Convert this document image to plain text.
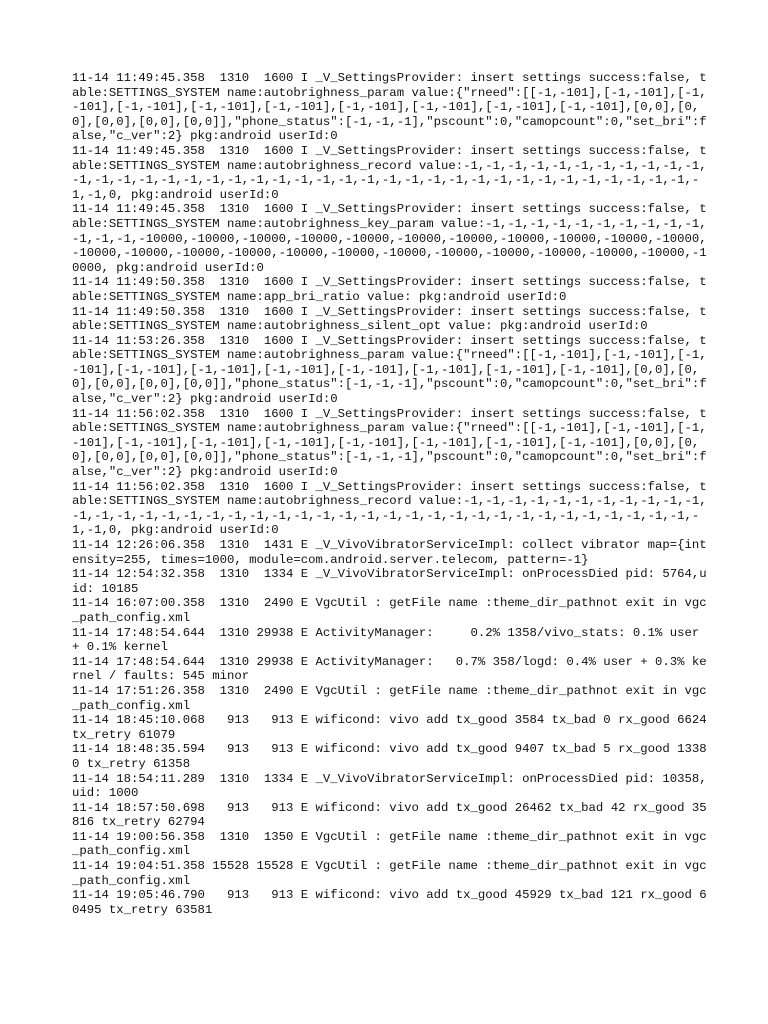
11-14 11:49:45.358  1310  1600 I _V_SettingsProvider: insert settings success:false, table:SETTINGS_SYSTEM name:autobrighness_param value:{"rneed":[[-1,-101],[-1,-101],[-1,-101],[-1,-101],[-1,-101],[-1,-101],[-1,-101],[-1,-101],[-1,-101],[-1,-101],[0,0],[0,0],[0,0],[0,0],[0,0]],"phone_status":[-1,-1,-1],"pscount":0,"camopcount":0,"set_bri":false,"c_ver":2} pkg:android userId:0

11-14 11:49:45.358  1310  1600 I _V_SettingsProvider: insert settings success:false, table:SETTINGS_SYSTEM name:autobrighness_record value:-1,-1,-1,-1,-1,-1,-1,-1,-1,-1,-1,-1,-1,-1,-1,-1,-1,-1,-1,-1,-1,-1,-1,-1,-1,-1,-1,-1,-1,-1,-1,-1,-1,-1,-1,-1,-1,-1,-1,-1,-1,0, pkg:android userId:0

11-14 11:49:45.358  1310  1600 I _V_SettingsProvider: insert settings success:false, table:SETTINGS_SYSTEM name:autobrighness_key_param value:-1,-1,-1,-1,-1,-1,-1,-1,-1,-1,-1,-1,-1,-10000,-10000,-10000,-10000,-10000,-10000,-10000,-10000,-10000,-10000,-10000,-10000,-10000,-10000,-10000,-10000,-10000,-10000,-10000,-10000,-10000,-10000,-10000,-10000, pkg:android userId:0

11-14 11:49:50.358  1310  1600 I _V_SettingsProvider: insert settings success:false, table:SETTINGS_SYSTEM name:app_bri_ratio value: pkg:android userId:0

11-14 11:49:50.358  1310  1600 I _V_SettingsProvider: insert settings success:false, table:SETTINGS_SYSTEM name:autobrighness_silent_opt value: pkg:android userId:0

11-14 11:53:26.358  1310  1600 I _V_SettingsProvider: insert settings success:false, table:SETTINGS_SYSTEM name:autobrighness_param value:{"rneed":[[-1,-101],[-1,-101],[-1,-101],[-1,-101],[-1,-101],[-1,-101],[-1,-101],[-1,-101],[-1,-101],[-1,-101],[0,0],[0,0],[0,0],[0,0],[0,0]],"phone_status":[-1,-1,-1],"pscount":0,"camopcount":0,"set_bri":false,"c_ver":2} pkg:android userId:0

11-14 11:56:02.358  1310  1600 I _V_SettingsProvider: insert settings success:false, table:SETTINGS_SYSTEM name:autobrighness_param value:{"rneed":[[-1,-101],[-1,-101],[-1,-101],[-1,-101],[-1,-101],[-1,-101],[-1,-101],[-1,-101],[-1,-101],[-1,-101],[0,0],[0,0],[0,0],[0,0],[0,0]],"phone_status":[-1,-1,-1],"pscount":0,"camopcount":0,"set_bri":false,"c_ver":2} pkg:android userId:0

11-14 11:56:02.358  1310  1600 I _V_SettingsProvider: insert settings success:false, table:SETTINGS_SYSTEM name:autobrighness_record value:-1,-1,-1,-1,-1,-1,-1,-1,-1,-1,-1,-1,-1,-1,-1,-1,-1,-1,-1,-1,-1,-1,-1,-1,-1,-1,-1,-1,-1,-1,-1,-1,-1,-1,-1,-1,-1,-1,-1,-1,-1,0, pkg:android userId:0

11-14 12:26:06.358  1310  1431 E _V_VivoVibratorServiceImpl: collect vibrator map={intensity=255, times=1000, module=com.android.server.telecom, pattern=-1}

11-14 12:54:32.358  1310  1334 E _V_VivoVibratorServiceImpl: onProcessDied pid: 5764,uid: 10185

11-14 16:07:00.358  1310  2490 E VgcUtil : getFile name :theme_dir_pathnot exit in vgc_path_config.xml

11-14 17:48:54.644  1310 29938 E ActivityManager:     0.2% 1358/vivo_stats: 0.1% user + 0.1% kernel

11-14 17:48:54.644  1310 29938 E ActivityManager:   0.7% 358/logd: 0.4% user + 0.3% kernel / faults: 545 minor

11-14 17:51:26.358  1310  2490 E VgcUtil : getFile name :theme_dir_pathnot exit in vgc_path_config.xml

11-14 18:45:10.068   913   913 E wificond: vivo add tx_good 3584 tx_bad 0 rx_good 6624 tx_retry 61079

11-14 18:48:35.594   913   913 E wificond: vivo add tx_good 9407 tx_bad 5 rx_good 13380 tx_retry 61358

11-14 18:54:11.289  1310  1334 E _V_VivoVibratorServiceImpl: onProcessDied pid: 10358,uid: 1000

11-14 18:57:50.698   913   913 E wificond: vivo add tx_good 26462 tx_bad 42 rx_good 35816 tx_retry 62794

11-14 19:00:56.358  1310  1350 E VgcUtil : getFile name :theme_dir_pathnot exit in vgc_path_config.xml

11-14 19:04:51.358 15528 15528 E VgcUtil : getFile name :theme_dir_pathnot exit in vgc_path_config.xml

11-14 19:05:46.790   913   913 E wificond: vivo add tx_good 45929 tx_bad 121 rx_good 60495 tx_retry 63581
